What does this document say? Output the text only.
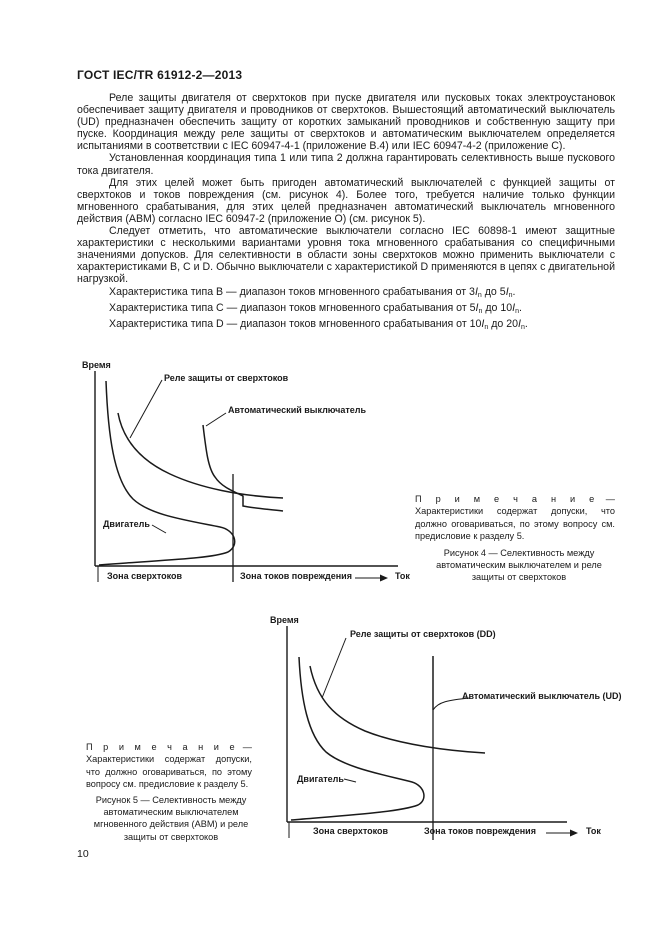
ГОСТ IEC/TR 61912-2—2013

Реле защиты двигателя от сверхтоков при пуске двигателя или пусковых токах электроустановок обеспечивает защиту двигателя и проводников от сверхтоков. Вышестоящий автоматический выключатель (UD) предназначен обеспечить защиту от коротких замыканий проводников и собственную защиту при пуске. Координация между реле защиты от сверхтоков и автоматическим выключателем определяется испытаниями в соответствии с IEC 60947-4-1 (приложение В.4) или IEC 60947-4-2 (приложение С).

Установленная координация типа 1 или типа 2 должна гарантировать селективность выше пускового тока двигателя.

Для этих целей может быть пригоден автоматический выключателей с функцией защиты от сверхтоков и токов повреждения (см. рисунок 4). Более того, требуется наличие только функции мгновенного срабатывания, для этих целей предназначен автоматический выключатель мгновенного действия (АВМ) согласно IEC 60947-2 (приложение О) (см. рисунок 5).

Следует отметить, что автоматические выключатели согласно IEC 60898-1 имеют защитные характеристики с несколькими вариантами уровня тока мгновенного срабатывания со специфичными значениями допусков. Для селективности в области зоны сверхтоков можно применить выключатели с характеристиками В, С и D. Обычно выключатели с характеристикой D применяются в цепях с двигательной нагрузкой.

Характеристика типа В — диапазон токов мгновенного срабатывания от $3I_n$ до $5I_n$.
Характеристика типа С — диапазон токов мгновенного срабатывания от $5I_n$ до $10I_n$.
Характеристика типа D — диапазон токов мгновенного срабатывания от $10I_n$ до $20I_n$.
Время
Реле защиты от сверхтоков
Автоматический выключатель
Двигатель
Зона сверхтоков	Зона токов повреждения	Ток
Время
Реле защиты от сверхтоков (DD)
Автоматический выключатель (UD)
Двигатель
Зона сверхтоков	Зона токов повреждения	Ток
П р и м е ч а н и е — Характеристики содержат допуски, что должно оговариваться, по этому вопросу см. предисловие к разделу 5.
Рисунок 4 — Селективность между автоматическим выключателем и реле защиты от сверхтоков
П р и м е ч а н и е — Характеристики содержат допуски, что должно оговариваться, по этому вопросу см. предисловие к разделу 5.
Рисунок 5 — Селективность между автоматическим выключателем мгновенного действия (АВМ) и реле защиты от сверхтоков
10
